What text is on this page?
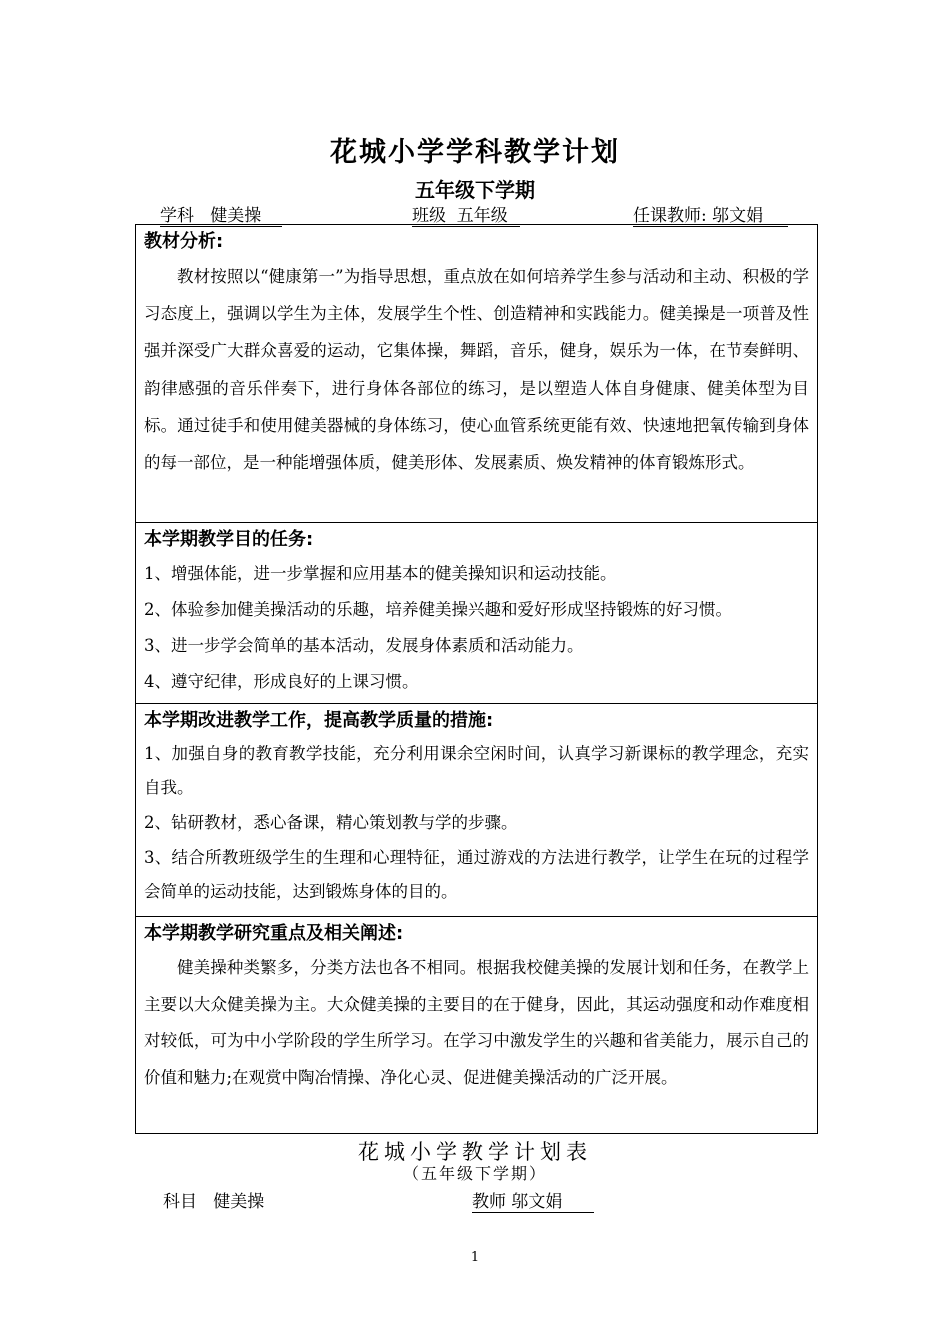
花城小学学科教学计划
五年级下学期
学科   健美操	班级  五年级	任课教师: 邬文娟
教材分析:

教材按照以“健康第一”为指导思想，重点放在如何培养学生参与活动和主动、积极的学习态度上，强调以学生为主体，发展学生个性、创造精神和实践能力。健美操是一项普及性强并深受广大群众喜爱的运动，它集体操，舞蹈，音乐，健身，娱乐为一体，在节奏鲜明、韵律感强的音乐伴奏下，进行身体各部位的练习，是以塑造人体自身健康、健美体型为目标。通过徒手和使用健美器械的身体练习，使心血管系统更能有效、快速地把氧传输到身体的每一部位，是一种能增强体质，健美形体、发展素质、焕发精神的体育锻炼形式。

本学期教学目的任务:

1、增强体能，进一步掌握和应用基本的健美操知识和运动技能。

2、体验参加健美操活动的乐趣，培养健美操兴趣和爱好形成坚持锻炼的好习惯。

3、进一步学会简单的基本活动，发展身体素质和活动能力。

4、遵守纪律，形成良好的上课习惯。

本学期改进教学工作，提高教学质量的措施:

1、加强自身的教育教学技能，充分利用课余空闲时间，认真学习新课标的教学理念，充实自我。

2、钻研教材，悉心备课，精心策划教与学的步骤。

3、结合所教班级学生的生理和心理特征，通过游戏的方法进行教学，让学生在玩的过程学会简单的运动技能，达到锻炼身体的目的。

本学期教学研究重点及相关阐述:

健美操种类繁多，分类方法也各不相同。根据我校健美操的发展计划和任务，在教学上主要以大众健美操为主。大众健美操的主要目的在于健身，因此，其运动强度和动作难度相对较低，可为中小学阶段的学生所学习。在学习中激发学生的兴趣和省美能力，展示自己的价值和魅力;在观赏中陶冶情操、净化心灵、促进健美操活动的广泛开展。

花城小学教学计划表
（五年级下学期）
科目   健美操	教师 邬文娟
1
